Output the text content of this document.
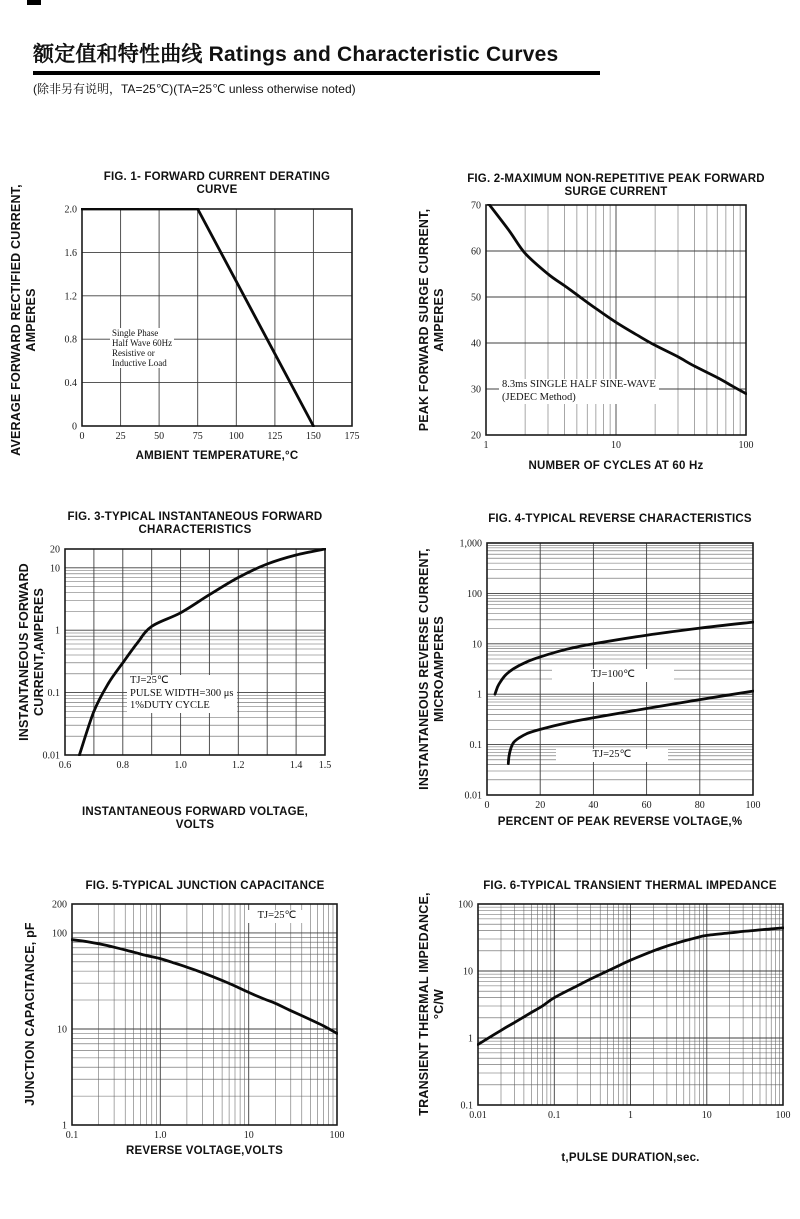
额定值和特性曲线 Ratings and Characteristic Curves
(除非另有说明，TA=25℃)(TA=25℃ unless otherwise noted)
FIG. 1- FORWARD CURRENT DERATING CURVE
AVERAGE FORWARD RECTIFIED CURRENT, AMPERES
2.0
1.6
1.2
0.8
0.4
0
0	25	50	75	100 125 150 175
AMBIENT TEMPERATURE,°C
Single Phase
Half Wave 60Hz
Resistive or
Inductive Load
FIG. 2-MAXIMUM NON-REPETITIVE PEAK FORWARD
SURGE CURRENT
PEAK FORWARD SURGE CURRENT, AMPERES
70
60
50
40
30
20
1	10	100
NUMBER OF CYCLES AT 60 Hz
8.3ms SINGLE HALF SINE-WAVE
(JEDEC Method)
FIG. 3-TYPICAL INSTANTANEOUS FORWARD
CHARACTERISTICS
INSTANTANEOUS FORWARD CURRENT,AMPERES
20
10
1
0.1
0.01
0.6	0.8	1.0	1.2	1.4 1.5
INSTANTANEOUS FORWARD VOLTAGE,
VOLTS
TJ=25℃
PULSE WIDTH=300 μs
1%DUTY CYCLE
FIG. 4-TYPICAL REVERSE CHARACTERISTICS
INSTANTANEOUS REVERSE CURRENT, MICROAMPERES
1,000
100
10
1
0.1
0.01
0	20	40	60	80	100
PERCENT OF PEAK REVERSE VOLTAGE,%
TJ=100℃
TJ=25℃
FIG. 5-TYPICAL JUNCTION CAPACITANCE
JUNCTION CAPACITANCE, pF
200
100
10
1
0.1	1.0	10	100
REVERSE VOLTAGE,VOLTS
TJ=25℃
FIG. 6-TYPICAL TRANSIENT THERMAL IMPEDANCE
TRANSIENT THERMAL IMPEDANCE, °C/W
100
10
1
0.1
0.01	0.1	1	10	100
t,PULSE DURATION,sec.
